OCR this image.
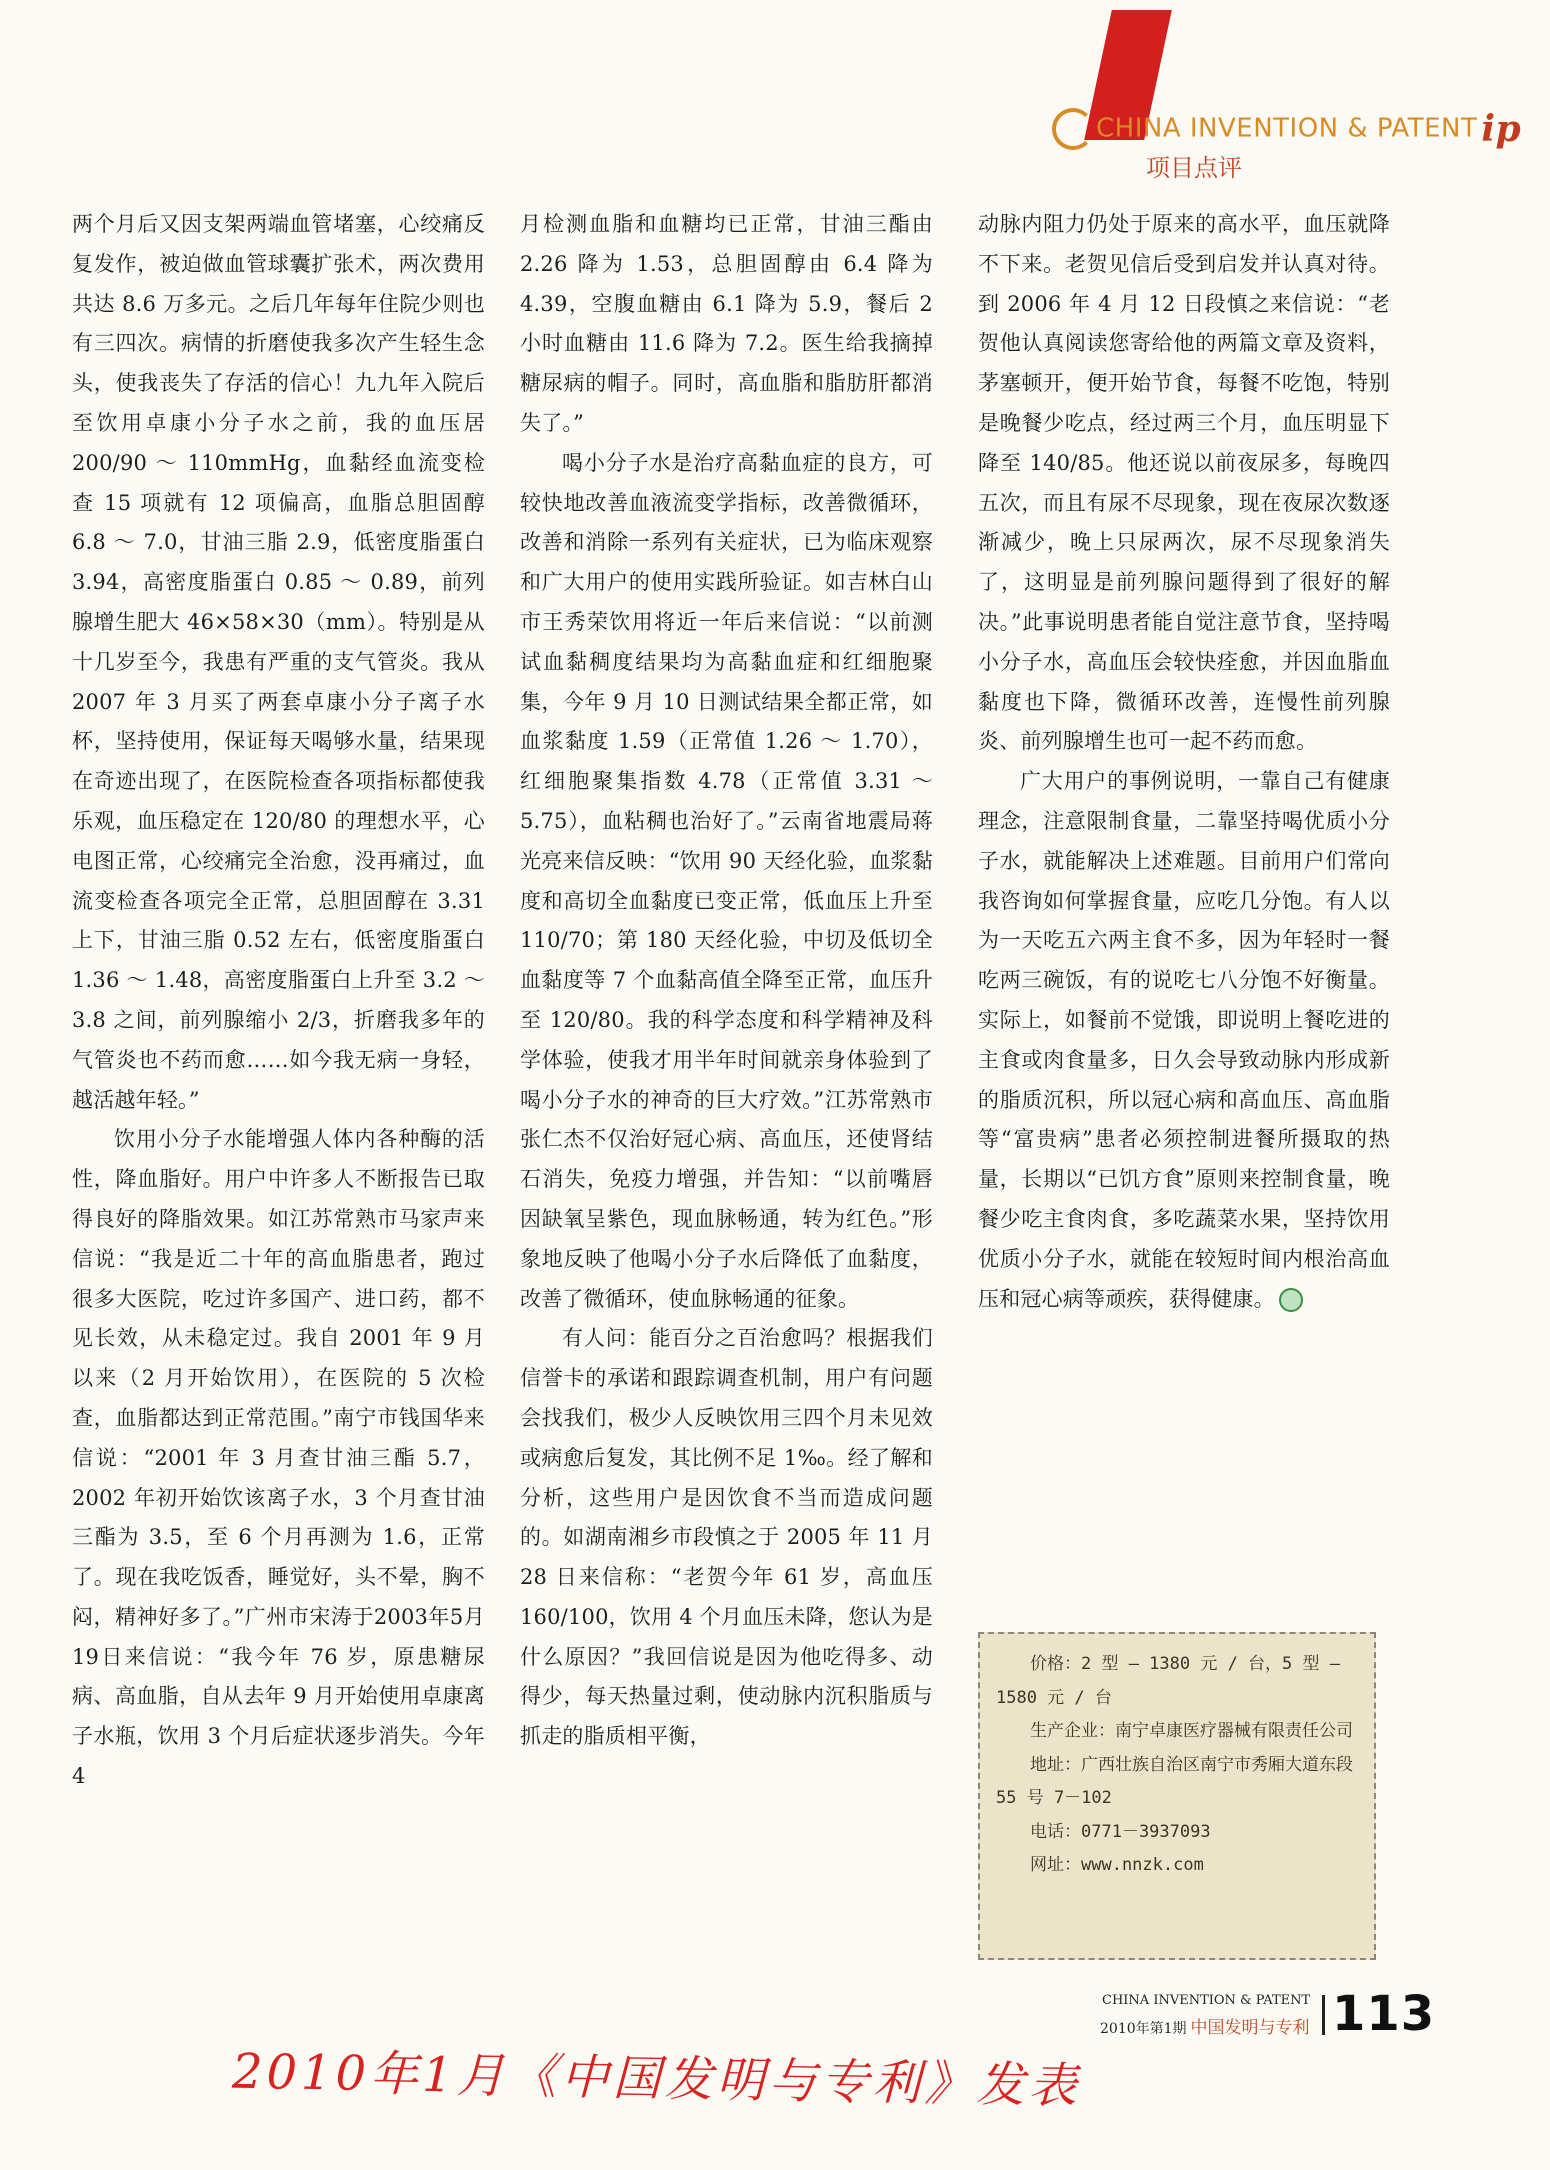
CHINA INVENTION & PATENT ip
项目点评

两个月后又因支架两端血管堵塞，心绞痛反复发作，被迫做血管球囊扩张术，两次费用共达 8.6 万多元。之后几年每年住院少则也有三四次。病情的折磨使我多次产生轻生念头，使我丧失了存活的信心！九九年入院后至饮用卓康小分子水之前，我的血压居 200/90 ～ 110mmHg，血黏经血流变检查 15 项就有 12 项偏高，血脂总胆固醇 6.8 ～ 7.0，甘油三脂 2.9，低密度脂蛋白 3.94，高密度脂蛋白 0.85 ～ 0.89，前列腺增生肥大 46×58×30（mm）。特别是从十几岁至今，我患有严重的支气管炎。我从 2007 年 3 月买了两套卓康小分子离子水杯，坚持使用，保证每天喝够水量，结果现在奇迹出现了，在医院检查各项指标都使我乐观，血压稳定在 120/80 的理想水平，心电图正常，心绞痛完全治愈，没再痛过，血流变检查各项完全正常，总胆固醇在 3.31 上下，甘油三脂 0.52 左右，低密度脂蛋白 1.36 ～ 1.48，高密度脂蛋白上升至 3.2 ～ 3.8 之间，前列腺缩小 2/3，折磨我多年的气管炎也不药而愈……如今我无病一身轻，越活越年轻。”

饮用小分子水能增强人体内各种酶的活性，降血脂好。用户中许多人不断报告已取得良好的降脂效果。如江苏常熟市马家声来信说：“我是近二十年的高血脂患者，跑过很多大医院，吃过许多国产、进口药，都不见长效，从未稳定过。我自 2001 年 9 月以来（2 月开始饮用），在医院的 5 次检查，血脂都达到正常范围。”南宁市钱国华来信说：“2001 年 3 月查甘油三酯 5.7，2002 年初开始饮该离子水，3 个月查甘油三酯为 3.5，至 6 个月再测为 1.6，正常了。现在我吃饭香，睡觉好，头不晕，胸不闷，精神好多了。”广州市宋涛于2003年5月19日来信说：“我今年 76 岁，原患糖尿病、高血脂，自从去年 9 月开始使用卓康离子水瓶，饮用 3 个月后症状逐步消失。今年 4

月检测血脂和血糖均已正常，甘油三酯由 2.26 降为 1.53，总胆固醇由 6.4 降为 4.39，空腹血糖由 6.1 降为 5.9，餐后 2 小时血糖由 11.6 降为 7.2。医生给我摘掉糖尿病的帽子。同时，高血脂和脂肪肝都消失了。”

喝小分子水是治疗高黏血症的良方，可较快地改善血液流变学指标，改善微循环，改善和消除一系列有关症状，已为临床观察和广大用户的使用实践所验证。如吉林白山市王秀荣饮用将近一年后来信说：“以前测试血黏稠度结果均为高黏血症和红细胞聚集，今年 9 月 10 日测试结果全都正常，如血浆黏度 1.59（正常值 1.26 ～ 1.70），红细胞聚集指数 4.78（正常值 3.31 ～ 5.75），血粘稠也治好了。”云南省地震局蒋光亮来信反映：“饮用 90 天经化验，血浆黏度和高切全血黏度已变正常，低血压上升至 110/70；第 180 天经化验，中切及低切全血黏度等 7 个血黏高值全降至正常，血压升至 120/80。我的科学态度和科学精神及科学体验，使我才用半年时间就亲身体验到了喝小分子水的神奇的巨大疗效。”江苏常熟市张仁杰不仅治好冠心病、高血压，还使肾结石消失，免疫力增强，并告知：“以前嘴唇因缺氧呈紫色，现血脉畅通，转为红色。”形象地反映了他喝小分子水后降低了血黏度，改善了微循环，使血脉畅通的征象。

有人问：能百分之百治愈吗？根据我们信誉卡的承诺和跟踪调查机制，用户有问题会找我们，极少人反映饮用三四个月未见效或病愈后复发，其比例不足 1‰。经了解和分析，这些用户是因饮食不当而造成问题的。如湖南湘乡市段慎之于 2005 年 11 月 28 日来信称：“老贺今年 61 岁，高血压 160/100，饮用 4 个月血压未降，您认为是什么原因？”我回信说是因为他吃得多、动得少，每天热量过剩，使动脉内沉积脂质与抓走的脂质相平衡，

动脉内阻力仍处于原来的高水平，血压就降不下来。老贺见信后受到启发并认真对待。到 2006 年 4 月 12 日段慎之来信说：“老贺他认真阅读您寄给他的两篇文章及资料，茅塞顿开，便开始节食，每餐不吃饱，特别是晚餐少吃点，经过两三个月，血压明显下降至 140/85。他还说以前夜尿多，每晚四五次，而且有尿不尽现象，现在夜尿次数逐渐减少，晚上只尿两次，尿不尽现象消失了，这明显是前列腺问题得到了很好的解决。”此事说明患者能自觉注意节食，坚持喝小分子水，高血压会较快痊愈，并因血脂血黏度也下降，微循环改善，连慢性前列腺炎、前列腺增生也可一起不药而愈。

广大用户的事例说明，一靠自己有健康理念，注意限制食量，二靠坚持喝优质小分子水，就能解决上述难题。目前用户们常向我咨询如何掌握食量，应吃几分饱。有人以为一天吃五六两主食不多，因为年轻时一餐吃两三碗饭，有的说吃七八分饱不好衡量。实际上，如餐前不觉饿，即说明上餐吃进的主食或肉食量多，日久会导致动脉内形成新的脂质沉积，所以冠心病和高血压、高血脂等“富贵病”患者必须控制进餐所摄取的热量，长期以“已饥方食”原则来控制食量，晚餐少吃主食肉食，多吃蔬菜水果，坚持饮用优质小分子水，就能在较短时间内根治高血压和冠心病等顽疾，获得健康。

价格：2 型 — 1380 元 / 台，5 型 — 1580 元 / 台
生产企业：南宁卓康医疗器械有限责任公司
地址：广西壮族自治区南宁市秀厢大道东段 55 号 7－102
电话：0771－3937093
网址：www.nnzk.com
CHINA INVENTION & PATENT
2010年第1期 中国发明与专利 113
2010年1月《中国发明与专利》发表
